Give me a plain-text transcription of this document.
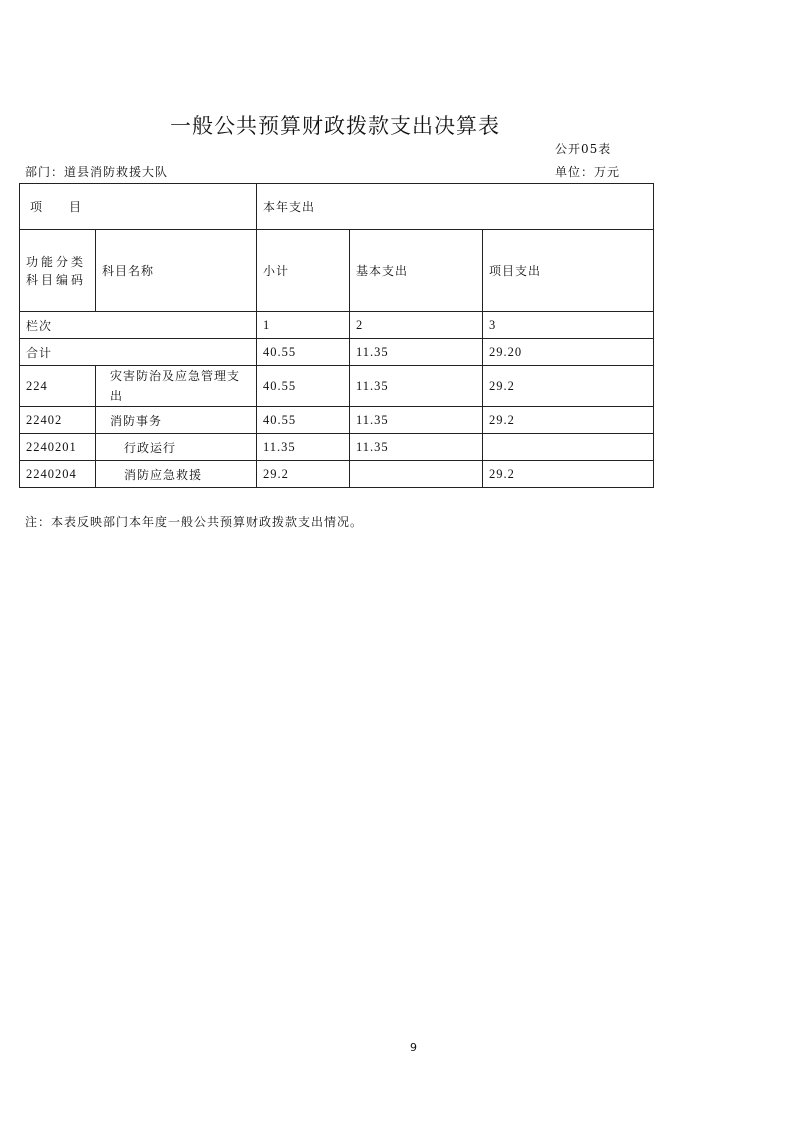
一般公共预算财政拨款支出决算表
公开05表
部门：道县消防救援大队	单位：万元
项　　目		本年支出		
功能分类科目编码	科目名称	小计	基本支出	项目支出
栏次		1	2	3
合计		40.55	11.35	29.20
224	灾害防治及应急管理支出	40.55	11.35	29.2
22402	消防事务	40.55	11.35	29.2
2240201	行政运行	11.35	11.35	
2240204	消防应急救援	29.2		29.2
注：本表反映部门本年度一般公共预算财政拨款支出情况。
9
